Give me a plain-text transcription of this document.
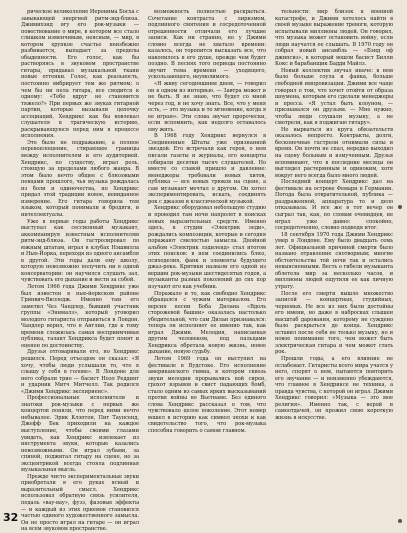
рическое великолепие Иеронима Босха с завывающей энергией ритм-энд-блюза. Джимихэнд вгу его рок-музыки — повествование о мире, в котором все стало слишком изменчивым, неясным, — мир, в котором хрупкое счастье неизбежно разбивается, выпадает за пределы обыденности. Его голос, как бы растворяясь в звуковом пространстве гитары, придавал музыкальной ткани новые оттенки. Голос, как реальность, постоянно вибрирует тем же ритмом; о чем бы ни пела гитара, все сводится к одному: «Тебе вдруг не становится тяжело?» При первых же звуках гитарной партии, которые вызывали цепочку ассоциаций, Хендрикс как бы вовлекал слушателя в трагическую историю, раскрывающуюся перед ним в процессе исполнения.

Это было не подражание, а полное перевоплощение, стирающее границы между исполнителем и его аудиторией. Хендрикс, по существу, играл роль, стоящую за пределами любого жанра. В этом было нечто общее с блюзовыми певцами прошлого, чья музыка рождалась из боли и одиночества, но Хендрикс придал этой традиции новое, невиданное измерение. Его гитара говорила тем языком, который понимали и бродяги, и интеллектуалы.

Уже в первые годы работы Хендрикс выступал как сессионный музыкант, аккомпанируя известным исполнителям ритм-энд-блюза. Он гастролировал по южным штатам, играл в клубах Нэшвилла и Нью-Йорка, переходя из одного ансамбля в другой. Эти годы дали ему школу, которую невозможно получить ни в одной консерватории: он научился слушать зал, чувствовать его дыхание и вести за собой.

Летом 1966 года Джими Хендрикс уже был известен в нью-йоркском районе Гринвич-Вилледж. Именно там его заметил Чез Чандлер, бывший участник группы «Энималз», который уговорил молодого гитариста отправиться в Лондон. Чандлер верил, что в Англии, где к тому времени сложилась самая восприимчивая публика, талант Хендрикса будет понят и оценен по достоинству.

Друзья отговаривали его, но Хендрикс решился. Перед отъездом он сказал: «Я хочу, чтобы люди услышали то, что я слышу у себя в голове». В Лондоне для него собрали трио — басист Ноэл Реддинг и ударник Митч Митчелл. Так родился «Джими Хендрикс экспириенс».

Профессиональные исполнители и знатоки рок-музыки с первых же концертов поняли, что перед ними нечто небывалое. Эрик Клэптон, Пит Таунсенд, Джефф Бек приходили на каждое выступление, чтобы своими глазами увидеть, как Хендрикс извлекает из инструмента звуки, которые казались невозможными. Он играл зубами, за спиной, поджигал гитару на сцене, но за эксцентрикой всегда стояла подлинная музыкальная мысль.

Прежде чисто экспериментальные звуки приобретали в его руках ясный и выразительный смысл. Хендрикс использовал обратную связь усилителя, педаль «вау-вау», фузз, фазовые эффекты — и каждый из этих приемов становился частью единого художественного замысла. Он не просто играл на гитаре — он играл на всем звуковом пространстве.

возможность полностью раскрыться. Сочетание контраста с лиризмом, подлинного смятения и сосредоточенной отрешенности отличали его лучшие записи. Как ни странно, но у Джими словно всегда не хватало времени: казалось, он торопится высказать все, что накопилось в его душе, прежде чем будет поздно. В песнях того периода постоянно звучит тема времени — уходящего, ускользающего, неумолимого.

«Я живу сегодняшним днем, — говорил он в одном из интервью. — Завтра может и не быть. Я не знаю, что будет со мной через год, и не хочу знать. Все, что у меня есть, — это музыка и то мгновение, когда я ее играю». Эти слова звучат пророчески, если вспомнить, как недолго оставалось ему жить.

В 1968 году Хендрикс вернулся в Соединенные Штаты уже признанной звездой. Его встречали как героя, о нем писали газеты и журналы, его концерты собирали десятки тысяч слушателей. Но вместе со славой пришло и давление: менеджеры требовали новых хитов, публика — все новых трюков на сцене, а сам музыкант мечтал о другом. Он хотел экспериментировать, искать, соединять рок с джазом и классической музыкой.

Хендрикс оборудовал небольшую студию и проводил там ночи напролет в поисках новых выразительных средств. Именно здесь, в студии «Электрик леди», рождались композиции, которые и сегодня поражают смелостью замысла. Двойной альбом «Электрик лэдиленд» стал итогом этих поисков: в нем соединились блюз, психоделия, фанк и элементы будущего джаз-рока. Критики назвали его одной из вершин рок-музыки шестидесятых годов, а музыканты разных поколений до сих пор изучают его как учебник.

Поражало и то, как свободно Хендрикс обращался с чужим материалом. Его версия песни Боба Дилана «Вдоль сторожевой башни» оказалась настолько убедительной, что сам Дилан признавался: теперь он исполняет ее именно так, как играл Джими. Мелодия, написанная другим человеком, под пальцами Хендрикса обретала новую жизнь, новое дыхание, новую судьбу.

Летом 1969 года он выступил на фестивале в Вудстоке. Его исполнение американского гимна, в котором сквозь звуки мелодии прорывались вой сирен, грохот взрывов и свист падающих бомб, стало одним из самых ярких высказываний против войны во Вьетнаме. Без единого слова Хендрикс рассказал о том, что чувствовало целое поколение. Этот номер вошел в историю как символ эпохи и как свидетельство того, что рок-музыка способна говорить о самом главном.

тельности: мир близок к военной катастрофе, и Джими хотелось найти в своей музыке выражение тревоги, которую испытывали миллионы людей. Он говорил, что музыка может остановить войну, если люди научатся ее слышать. В 1970 году он собрал новый ансамбль — «Бэнд оф джипсиз», в который вошли басист Билли Кокс и барабанщик Бадди Майлз.

Новый коллектив звучал иначе: в нем было больше соула и фанка, больше свободной импровизации. Джими все чаще говорил о том, что хочет отойти от образа шоумена, которым его сделали менеджеры и пресса. «Я устал быть клоуном, — признавался он друзьям. — Мне нужно, чтобы люди слушали музыку, а не смотрели, как я поджигаю гитару».

Но вырваться из круга обязательств оказалось непросто. Контракты, долги, бесконечные гастроли отнимали силы и время. Он почти не спал, нередко выходил на сцену больным и измученным. Друзья вспоминают, что в последние месяцы он выглядел растерянным и одиноким, хотя вокруг него всегда было много людей.

Последний концерт Хендрикс дал на фестивале на острове Фемарн в Германии. Погода была отвратительной, публика — раздраженной, аппаратура то и дело отказывала. И все же в тот вечер он сыграл так, как, по словам очевидцев, не играл уже давно: спокойно, сосредоточенно, словно подводя итог.

18 сентября 1970 года Джими Хендрикс умер в Лондоне. Ему было двадцать семь лет. Официальной причиной смерти было названо отравление снотворным; многие обстоятельства той ночи так и остались невыясненными. Весть о гибели музыканта облетела мир за несколько часов, и миллионы людей ощутили ее как личную утрату.

После его смерти вышло множество записей — концертных, студийных, черновых. Не все из них были достойны его имени, но даже в набросках слышен масштаб дарования, которому не суждено было раскрыться до конца. Хендрикс оставил после себя не только музыку, но и новое понимание того, чем может быть электрическая гитара и чем может стать рок.

Прошли годы, а его влияние не ослабевает. Гитаристы всего мира учатся у него, спорят о нем, пытаются повторить его звучание — и неизменно убеждаются, что главное в Хендриксе не техника, а правда чувства, с которой он играл. Джими Хендрикс говорил: «Музыка — это мое религия». Именно так, с верой и самоотдачей, он прожил свою короткую жизнь в искусстве.

32
